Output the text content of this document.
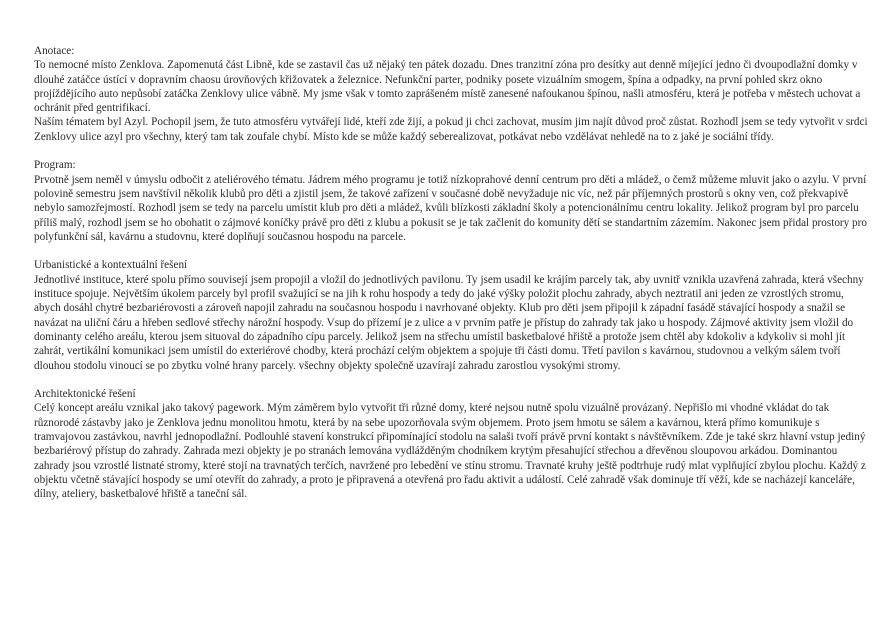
Anotace:

To nemocné místo Zenklova. Zapomenutá část Libně, kde se zastavil čas už nějaký ten pátek dozadu. Dnes tranzitní zóna pro desítky aut denně míjející jedno či dvoupodlažní domky v dlouhé zatáčce ústící v dopravním chaosu úrovňových křižovatek a železnice. Nefunkční parter, podniky posete vizuálním smogem, špína a odpadky, na první pohled skrz okno projíždějícího auto nepůsobí zatáčka Zenklovy ulice vábně. My jsme však v tomto zaprášeném místě zanesené nafoukanou špínou, našli atmosféru, která je potřeba v městech uchovat a ochránit před gentrifikací.

Naším tématem byl Azyl. Pochopil jsem, že tuto atmosféru vytvářejí lidé, kteří zde žijí, a pokud ji chci zachovat, musím jim najít důvod proč zůstat. Rozhodl jsem se tedy vytvořit v srdci Zenklovy ulice azyl pro všechny, který tam tak zoufale chybí. Místo kde se může každý seberealizovat, potkávat nebo vzdělávat nehledě na to z jaké je sociální třídy.

Program:

Prvotně jsem neměl v úmyslu odbočit z ateliérového tématu. Jádrem mého programu je totiž nízkoprahové denní centrum pro děti a mládež, o čemž můžeme mluvit jako o azylu. V první polovině semestru jsem navštívil několik klubů pro děti a zjistil jsem, že takové zařízení v současné době nevyžaduje nic víc, než pár příjemných prostorů s okny ven, což překvapivě nebylo samozřejmostí. Rozhodl jsem se tedy na parcelu umístit klub pro děti a mládež, kvůli blízkosti základní školy a potencionálnímu centru lokality. Jelikož program byl pro parcelu příliš malý, rozhodl jsem se ho obohatit o zájmové koníčky právě pro děti z klubu a pokusit se je tak začlenit do komunity dětí se standartním zázemím. Nakonec jsem přidal prostory pro polyfunkční sál, kavárnu a studovnu, které doplňují současnou hospodu na parcele.

Urbanistické a kontextuální řešení

Jednotlivé instituce, které spolu přímo souvisejí jsem propojil a vložil do jednotlivých pavilonu. Ty jsem usadil ke krájím parcely tak, aby uvnitř vznikla uzavřená zahrada, která všechny instituce spojuje. Největším úkolem parcely byl profil svažující se na jih k rohu hospody a tedy do jaké výšky položit plochu zahrady, abych neztratil ani jeden ze vzrostlých stromu, abych dosáhl chytré bezbariérovosti a zároveň napojil zahradu na současnou hospodu i navrhované objekty. Klub pro děti jsem připojil k západní fasádě stávající hospody a snažil se navázat na uliční čáru a hřeben sedlové střechy nárožní hospody. Vsup do přízemí je z ulice a v prvním patře je přístup do zahrady tak jako u hospody. Zájmové aktivity jsem vložil do dominanty celého areálu, kterou jsem situoval do západního cípu parcely. Jelikož jsem na střechu umístil basketbalové hřiště a protože jsem chtěl aby kdokoliv a kdykoliv si mohl jít zahrát, vertikální komunikaci jsem umístil do exteriérové chodby, která prochází celým objektem a spojuje tři části domu. Třetí pavilon s kavárnou, studovnou a velkým sálem tvoří dlouhou stodolu vinoucí se po zbytku volné hrany parcely. všechny objekty společně uzavírají zahradu zarostlou vysokými stromy.

Architektonické řešení

Celý koncept areálu vznikal jako takový pagework. Mým záměrem bylo vytvořit tři různé domy, které nejsou nutně spolu vizuálně provázaný. Nepřišlo mi vhodné vkládat do tak různorodé zástavby jako je Zenklova jednu monolitou hmotu, která by na sebe upozorňovala svým objemem. Proto jsem hmotu se sálem a kavárnou, která přímo komunikuje s tramvajovou zastávkou, navrhl jednopodlažní. Podlouhlé stavení konstrukcí připomínající stodolu na salaši tvoří právě první kontakt s návštěvníkem. Zde je také skrz hlavní vstup jediný bezbariérový přístup do zahrady. Zahrada mezi objekty je po stranách lemována vydlážděným chodníkem krytým přesahující střechou a dřevěnou sloupovou arkádou. Dominantou zahrady jsou vzrostlé listnaté stromy, které stojí na travnatých terčích, navržené pro lebedění ve stínu stromu. Travnaté kruhy ještě podtrhuje rudý mlat vyplňující zbylou plochu. Každý z objektu včetně stávající hospody se umí otevřít do zahrady, a proto je připravená a otevřená pro řadu aktivit a událostí. Celé zahradě však dominuje tří věží, kde se nacházejí kanceláře, dílny, ateliery, basketbalové hřiště a taneční sál.
